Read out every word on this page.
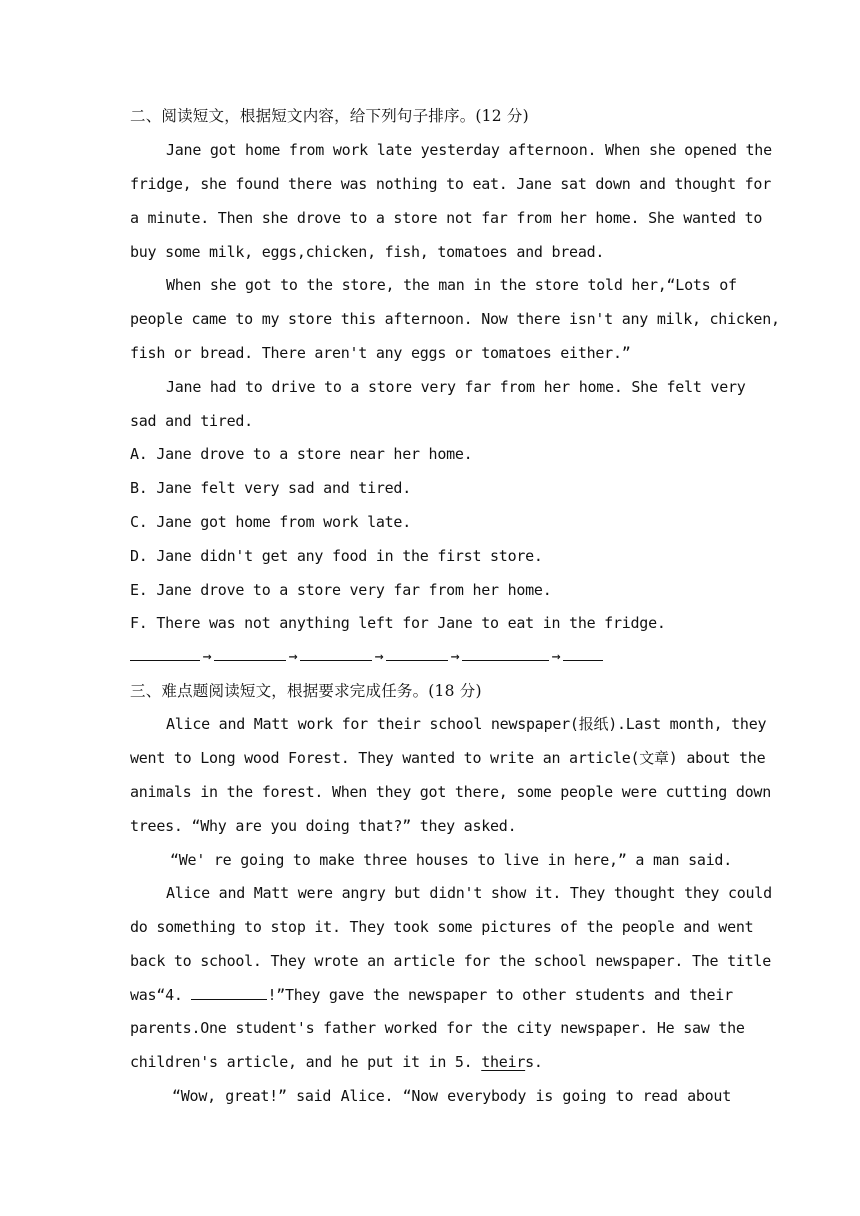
二、阅读短文，根据短文内容，给下列句子排序。(12 分)
Jane got home from work late yesterday afternoon. When she opened the
fridge, she found there was nothing to eat. Jane sat down and thought for
a minute. Then she drove to a store not far from her home. She wanted to
buy some milk, eggs,chicken, fish, tomatoes and bread.
When she got to the store, the man in the store told her,“Lots of
people came to my store this afternoon. Now there isn't any milk, chicken,
fish or bread. There aren't any eggs or tomatoes either.”
Jane had to drive to a store very far from her home. She felt very
sad and tired.
A. Jane drove to a store near her home.
B. Jane felt very sad and tired.
C. Jane got home from work late.
D. Jane didn't get any food in the first store.
E. Jane drove to a store very far from her home.
F. There was not anything left for Jane to eat in the fridge.
→	→	→	→	→
三、难点题阅读短文，根据要求完成任务。(18 分)
Alice and Matt work for their school newspaper(报纸).Last month, they
went to Long wood Forest. They wanted to write an article(文章) about the
animals in the forest. When they got there, some people were cutting down
trees. “Why are you doing that?” they asked.
“We' re going to make three houses to live in here,” a man said.
Alice and Matt were angry but didn't show it. They thought they could
do something to stop it. They took some pictures of the people and went
back to school. They wrote an article for the school newspaper. The title
was“4.	!”They gave the newspaper to other students and their
parents.One student's father worked for the city newspaper. He saw the
children's article, and he put it in 5. theirs.
“Wow, great!” said Alice. “Now everybody is going to read about
